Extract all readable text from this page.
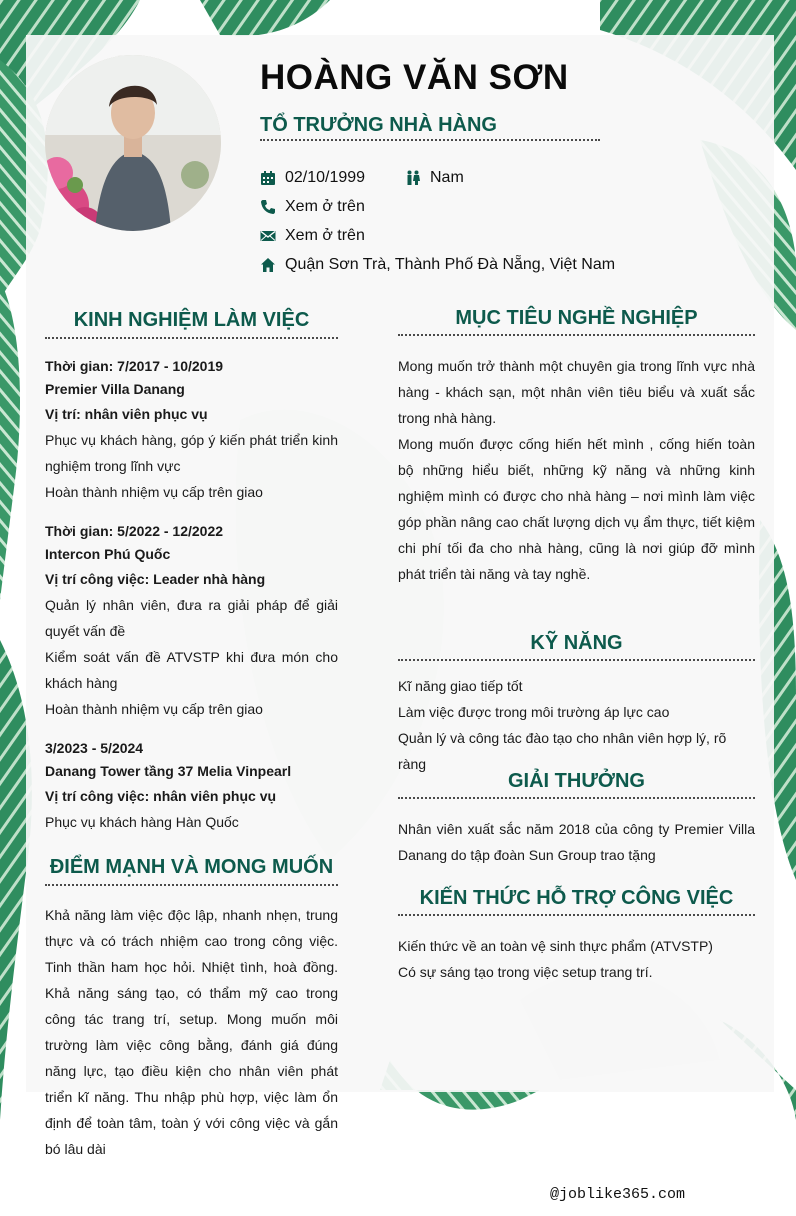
HOÀNG VĂN SƠN
TỔ TRƯỞNG NHÀ HÀNG
02/10/1999	Nam
Xem ở trên
Xem ở trên
Quận Sơn Trà, Thành Phố Đà Nẵng, Việt Nam
KINH NGHIỆM LÀM VIỆC
Thời gian: 7/2017 - 10/2019
Premier Villa Danang
Vị trí: nhân viên phục vụ
Phục vụ khách hàng, góp ý kiến phát triển kinh nghiệm trong lĩnh vực
Hoàn thành nhiệm vụ cấp trên giao
Thời gian: 5/2022 - 12/2022
Intercon Phú Quốc
Vị trí công việc: Leader nhà hàng
Quản lý nhân viên, đưa ra giải pháp để giải quyết vấn đề
Kiểm soát vấn đề ATVSTP khi đưa món cho khách hàng
Hoàn thành nhiệm vụ cấp trên giao
3/2023 - 5/2024
Danang Tower tầng 37 Melia Vinpearl
Vị trí công việc: nhân viên phục vụ
Phục vụ khách hàng Hàn Quốc
ĐIỂM MẠNH VÀ MONG MUỐN
Khả năng làm việc độc lập, nhanh nhẹn, trung thực và có trách nhiệm cao trong công việc. Tinh thần ham học hỏi. Nhiệt tình, hoà đồng. Khả năng sáng tạo, có thẩm mỹ cao trong công tác trang trí, setup. Mong muốn môi trường làm việc công bằng, đánh giá đúng năng lực, tạo điều kiện cho nhân viên phát triển kĩ năng. Thu nhập phù hợp, việc làm ổn định để toàn tâm, toàn ý với công việc và gắn bó lâu dài
MỤC TIÊU NGHỀ NGHIỆP
Mong muốn trở thành một chuyên gia trong lĩnh vực nhà hàng - khách sạn, một nhân viên tiêu biểu và xuất sắc trong nhà hàng.
Mong muốn được cống hiến hết mình , cống hiến toàn bộ những hiểu biết, những kỹ năng và những kinh nghiệm mình có được cho nhà hàng – nơi mình làm việc góp phần nâng cao chất lượng dịch vụ ẩm thực, tiết kiệm chi phí tối đa cho nhà hàng, cũng là nơi giúp đỡ mình phát triển tài năng và tay nghề.
KỸ NĂNG
Kĩ năng giao tiếp tốt
Làm việc được trong môi trường áp lực cao
Quản lý và công tác đào tạo cho nhân viên hợp lý, rõ ràng
GIẢI THƯỞNG
Nhân viên xuất sắc năm 2018 của công ty Premier Villa Danang do tập đoàn Sun Group trao tặng
KIẾN THỨC HỖ TRỢ CÔNG VIỆC
Kiến thức về an toàn vệ sinh thực phẩm (ATVSTP)
Có sự sáng tạo trong việc setup trang trí.
@joblike365.com
